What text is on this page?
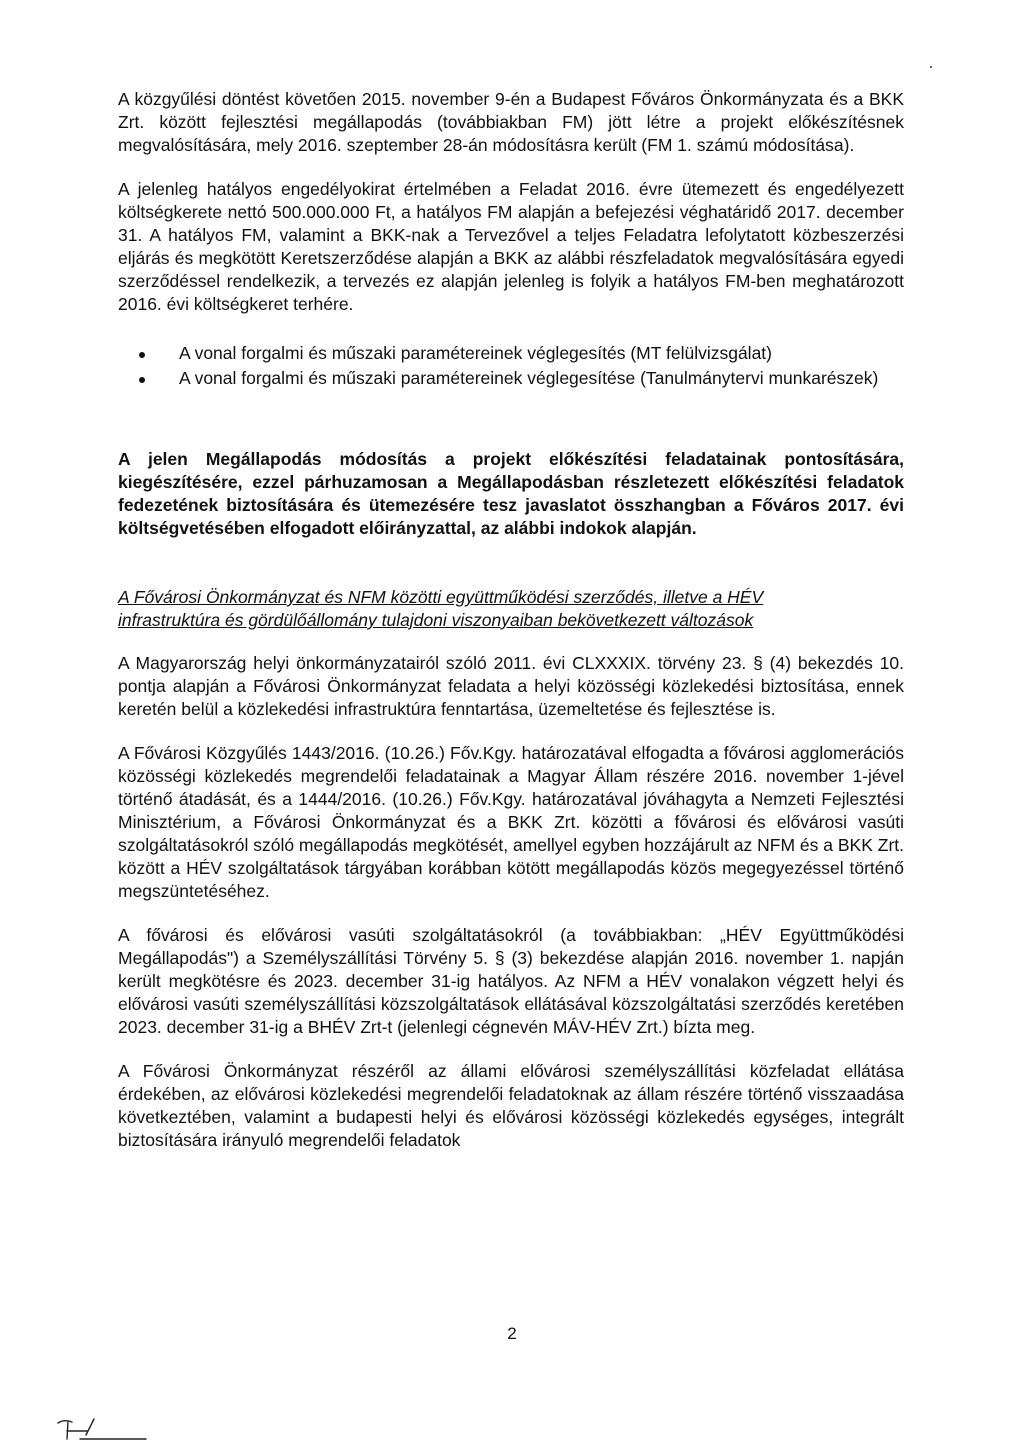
A közgyűlési döntést követően 2015. november 9-én a Budapest Főváros Önkormányzata és a BKK Zrt. között fejlesztési megállapodás (továbbiakban FM) jött létre a projekt előkészítésnek megvalósítására, mely 2016. szeptember 28-án módosításra került (FM 1. számú módosítása).

A jelenleg hatályos engedélyokirat értelmében a Feladat 2016. évre ütemezett és engedélyezett költségkerete nettó 500.000.000 Ft, a hatályos FM alapján a befejezési véghatáridő 2017. december 31. A hatályos FM, valamint a BKK-nak a Tervezővel a teljes Feladatra lefolytatott közbeszerzési eljárás és megkötött Keretszerződése alapján a BKK az alábbi részfeladatok megvalósítására egyedi szerződéssel rendelkezik, a tervezés ez alapján jelenleg is folyik a hatályos FM-ben meghatározott 2016. évi költségkeret terhére.

A vonal forgalmi és műszaki paramétereinek véglegesítés (MT felülvizsgálat)
A vonal forgalmi és műszaki paramétereinek véglegesítése (Tanulmánytervi munkarészek)

A jelen Megállapodás módosítás a projekt előkészítési feladatainak pontosítására, kiegészítésére, ezzel párhuzamosan a Megállapodásban részletezett előkészítési feladatok fedezetének biztosítására és ütemezésére tesz javaslatot összhangban a Főváros 2017. évi költségvetésében elfogadott előirányzattal, az alábbi indokok alapján.

A Fővárosi Önkormányzat és NFM közötti együttműködési szerződés, illetve a HÉV
infrastruktúra és gördülőállomány tulajdoni viszonyaiban bekövetkezett változások

A Magyarország helyi önkormányzatairól szóló 2011. évi CLXXXIX. törvény 23. § (4) bekezdés 10. pontja alapján a Fővárosi Önkormányzat feladata a helyi közösségi közlekedési biztosítása, ennek keretén belül a közlekedési infrastruktúra fenntartása, üzemeltetése és fejlesztése is.

A Fővárosi Közgyűlés 1443/2016. (10.26.) Főv.Kgy. határozatával elfogadta a fővárosi agglomerációs közösségi közlekedés megrendelői feladatainak a Magyar Állam részére 2016. november 1-jével történő átadását, és a 1444/2016. (10.26.) Főv.Kgy. határozatával jóváhagyta a Nemzeti Fejlesztési Minisztérium, a Fővárosi Önkormányzat és a BKK Zrt. közötti a fővárosi és elővárosi vasúti szolgáltatásokról szóló megállapodás megkötését, amellyel egyben hozzájárult az NFM és a BKK Zrt. között a HÉV szolgáltatások tárgyában korábban kötött megállapodás közös megegyezéssel történő megszüntetéséhez.

A fővárosi és elővárosi vasúti szolgáltatásokról (a továbbiakban: „HÉV Együttműködési Megállapodás") a Személyszállítási Törvény 5. § (3) bekezdése alapján 2016. november 1. napján került megkötésre és 2023. december 31-ig hatályos. Az NFM a HÉV vonalakon végzett helyi és elővárosi vasúti személyszállítási közszolgáltatások ellátásával közszolgáltatási szerződés keretében 2023. december 31-ig a BHÉV Zrt-t (jelenlegi cégnevén MÁV-HÉV Zrt.) bízta meg.

A Fővárosi Önkormányzat részéről az állami elővárosi személyszállítási közfeladat ellátása érdekében, az elővárosi közlekedési megrendelői feladatoknak az állam részére történő visszaadása következtében, valamint a budapesti helyi és elővárosi közösségi közlekedés egységes, integrált biztosítására irányuló megrendelői feladatok

2
